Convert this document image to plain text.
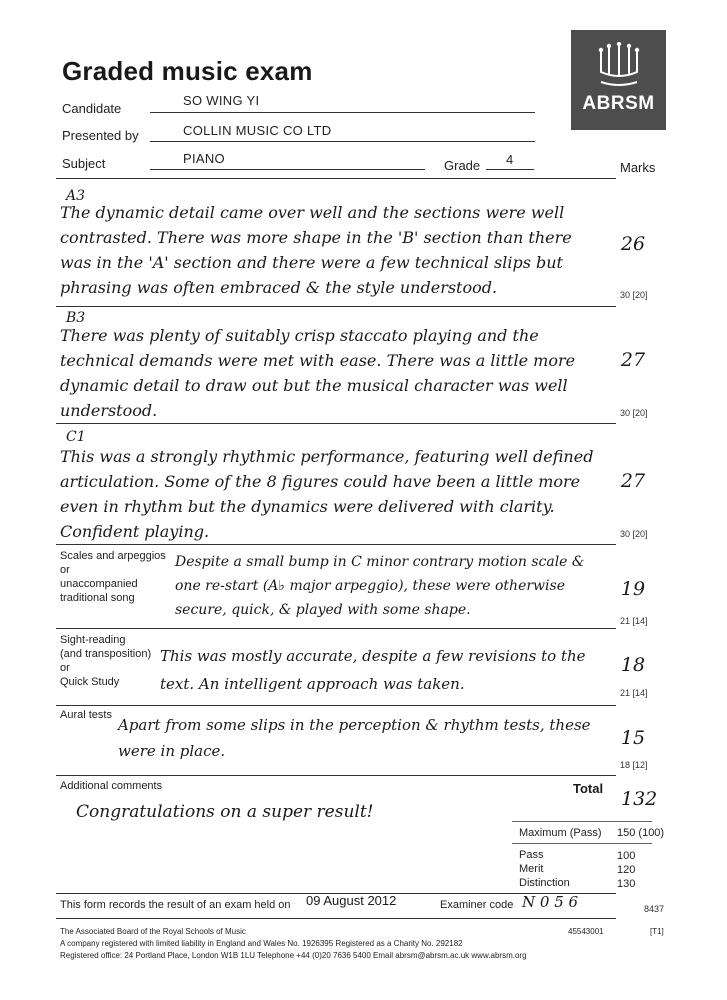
Graded music exam
ABRSM
Candidate
SO WING YI
Presented by	COLLIN MUSIC CO LTD
Subject	PIANO	Grade 4
Marks
A3
The dynamic detail came over well and the sections were well contrasted. There was more shape in the 'B' section than there was in the 'A' section and there were a few technical slips but phrasing was often embraced & the style understood.
26
30 [20]
B3
There was plenty of suitably crisp staccato playing and the technical demands were met with ease. There was a little more dynamic detail to draw out but the musical character was well understood.
27
30 [20]
C1
This was a strongly rhythmic performance, featuring well defined articulation. Some of the 8 figures could have been a little more even in rhythm but the dynamics were delivered with clarity. Confident playing.
27
30 [20]
Scales and arpeggios
or
unaccompanied
traditional song
Despite a small bump in C minor contrary motion scale & one re-start (A♭ major arpeggio), these were otherwise secure, quick, & played with some shape.
19
21 [14]
Sight-reading
(and transposition)
or
Quick Study
This was mostly accurate, despite a few revisions to the text. An intelligent approach was taken.
18
21 [14]
Aural tests
Apart from some slips in the perception & rhythm tests, these were in place.
15
18 [12]
Additional comments
Congratulations on a super result!
Total 132
Maximum (Pass) 150 (100)
Pass	100
Merit	120
Distinction	130
This form records the result of an exam held on 09 August 2012	Examiner code N 0 5 6	8437
The Associated Board of the Royal Schools of Music
A company registered with limited liability in England and Wales No. 1926395 Registered as a Charity No. 292182
Registered office: 24 Portland Place, London W1B 1LU Telephone +44 (0)20 7636 5400 Email abrsm@abrsm.ac.uk www.abrsm.org
45543001	[T1]
